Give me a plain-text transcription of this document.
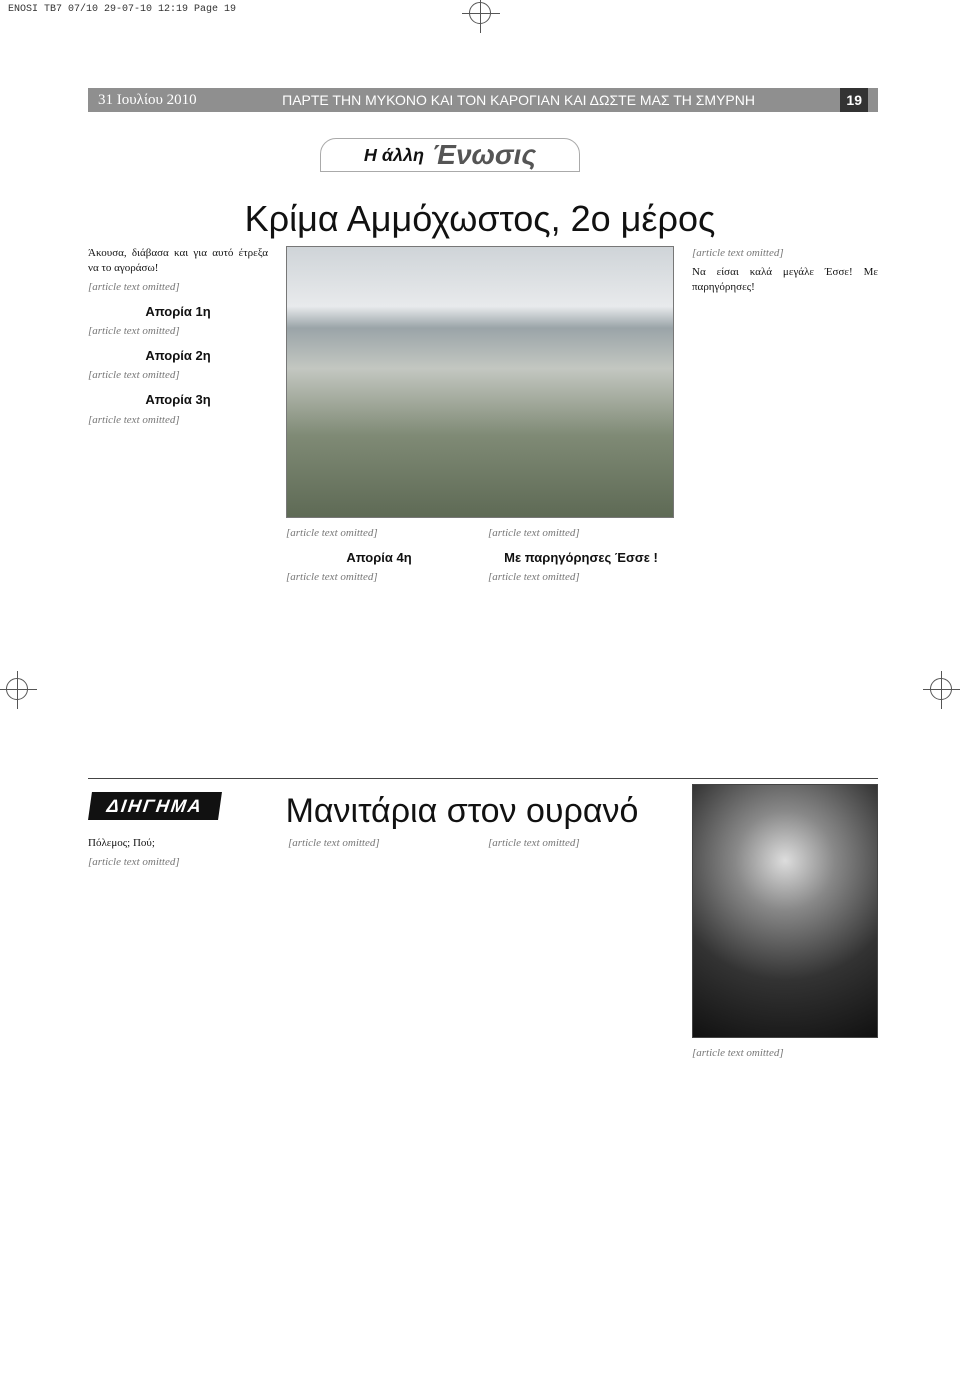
ENOSI TB7 07/10 29-07-10 12:19 Page 19
31 Ιουλίου 2010	ΠΑΡΤΕ ΤΗΝ ΜΥΚΟΝΟ ΚΑΙ ΤΟΝ ΚΑΡΟΓΙΑΝ ΚΑΙ ΔΩΣΤΕ ΜΑΣ ΤΗ ΣΜΥΡΝΗ	19
Η άλλη Ένωσις
Κρίμα Αμμόχωστος, 2ο μέρος

Άκουσα, διάβασα και για αυτό έτρεξα να το αγοράσω!

[article text omitted]

Απορία 1η

[article text omitted]

Απορία 2η

[article text omitted]

Απορία 3η

[article text omitted]

[article text omitted]

Απορία 4η

[article text omitted]

[article text omitted]

Με παρηγόρησες Έσσε !

[article text omitted]

[article text omitted]

Να είσαι καλά μεγάλε Έσσε! Με παρηγόρησες!

ΔΙΗΓΗΜΑ	Μανιτάρια στον ουρανό

Πόλεμος; Πού;

[article text omitted]

[article text omitted]	[article text omitted]

[article text omitted]
